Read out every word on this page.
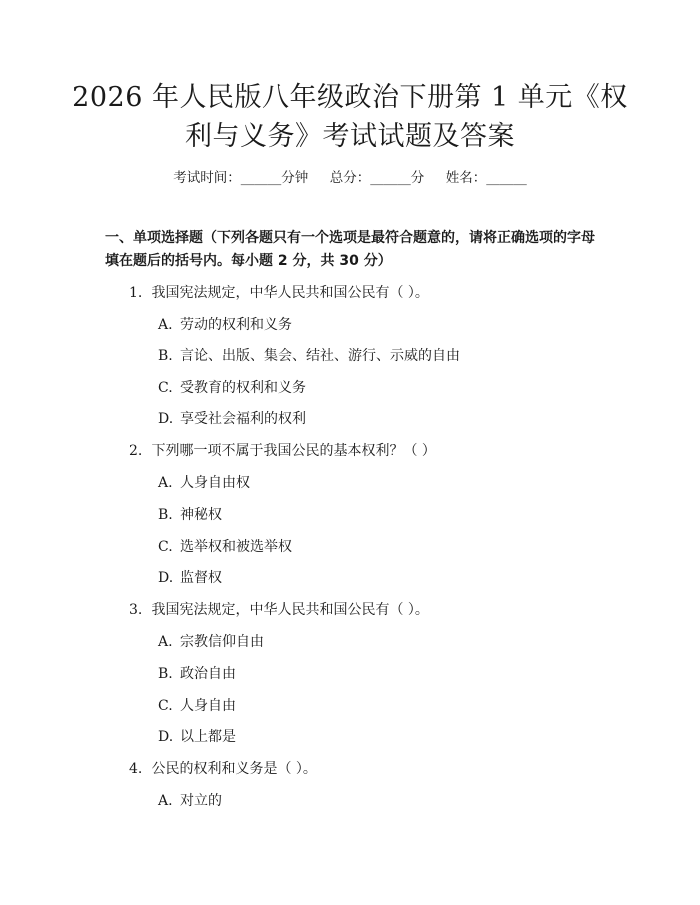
2026 年人民版八年级政治下册第 1 单元《权
利与义务》考试试题及答案
考试时间：______分钟     总分：______分     姓名：______
一、单项选择题（下列各题只有一个选项是最符合题意的，请将正确选项的字母
填在题后的括号内。每小题 2 分，共 30 分）
1. 我国宪法规定，中华人民共和国公民有（ ）。
A. 劳动的权利和义务
B. 言论、出版、集会、结社、游行、示威的自由
C. 受教育的权利和义务
D. 享受社会福利的权利
2. 下列哪一项不属于我国公民的基本权利？（ ）
A. 人身自由权
B. 神秘权
C. 选举权和被选举权
D. 监督权
3. 我国宪法规定，中华人民共和国公民有（ ）。
A. 宗教信仰自由
B. 政治自由
C. 人身自由
D. 以上都是
4. 公民的权利和义务是（ ）。
A. 对立的
